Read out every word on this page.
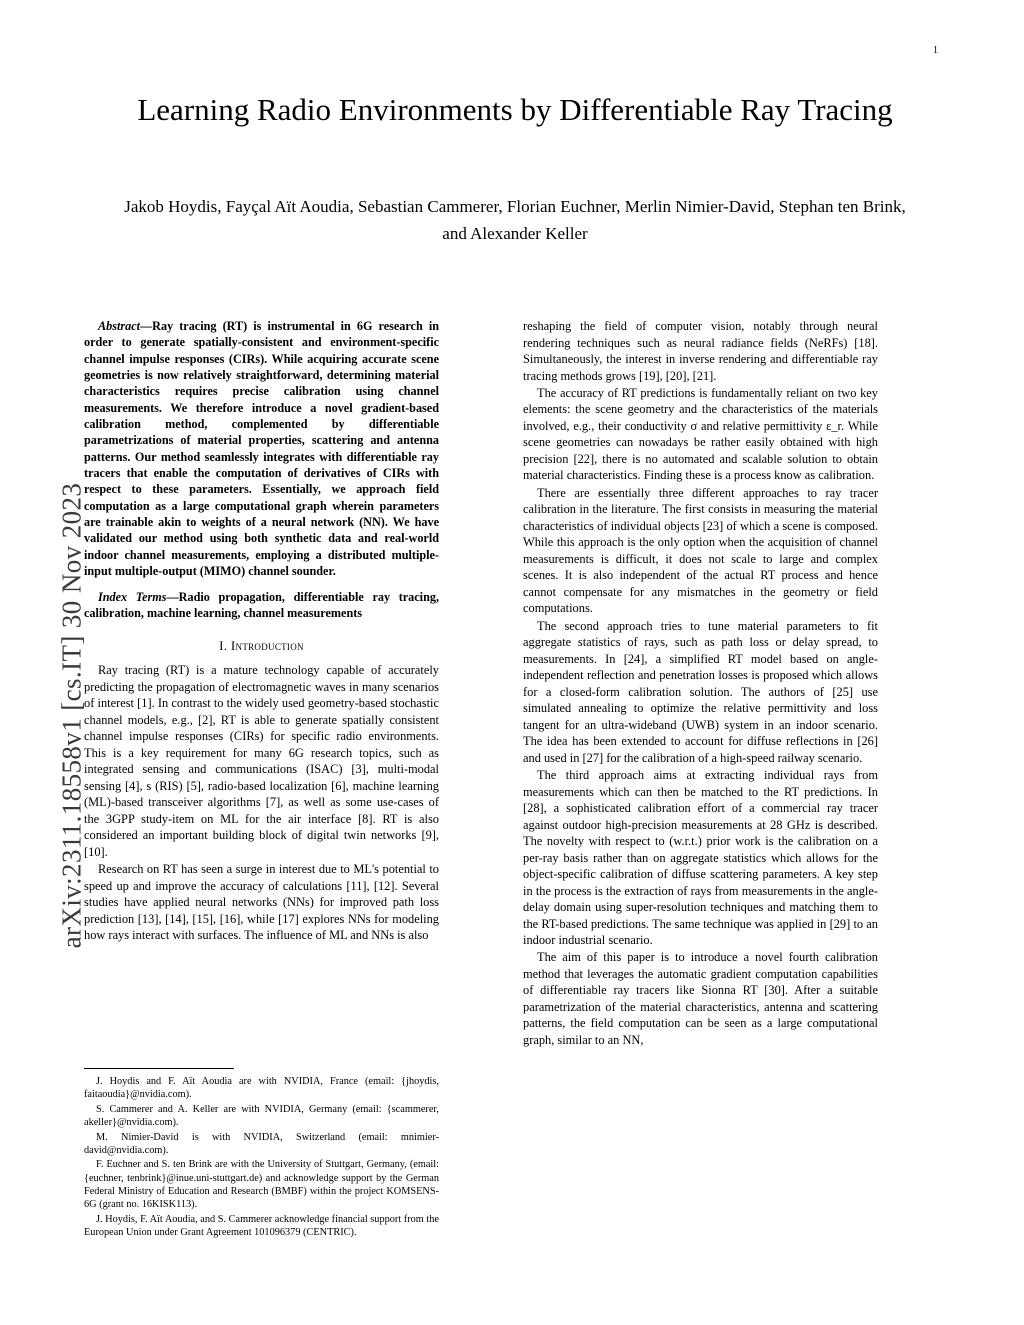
1
arXiv:2311.18558v1 [cs.IT] 30 Nov 2023
Learning Radio Environments by Differentiable Ray Tracing
Jakob Hoydis, Fayçal Aït Aoudia, Sebastian Cammerer, Florian Euchner, Merlin Nimier-David, Stephan ten Brink, and Alexander Keller
Abstract—Ray tracing (RT) is instrumental in 6G research in order to generate spatially-consistent and environment-specific channel impulse responses (CIRs). While acquiring accurate scene geometries is now relatively straightforward, determining material characteristics requires precise calibration using channel measurements. We therefore introduce a novel gradient-based calibration method, complemented by differentiable parametrizations of material properties, scattering and antenna patterns. Our method seamlessly integrates with differentiable ray tracers that enable the computation of derivatives of CIRs with respect to these parameters. Essentially, we approach field computation as a large computational graph wherein parameters are trainable akin to weights of a neural network (NN). We have validated our method using both synthetic data and real-world indoor channel measurements, employing a distributed multiple-input multiple-output (MIMO) channel sounder.
Index Terms—Radio propagation, differentiable ray tracing, calibration, machine learning, channel measurements
I. Introduction

Ray tracing (RT) is a mature technology capable of accurately predicting the propagation of electromagnetic waves in many scenarios of interest [1]. In contrast to the widely used geometry-based stochastic channel models, e.g., [2], RT is able to generate spatially consistent channel impulse responses (CIRs) for specific radio environments. This is a key requirement for many 6G research topics, such as integrated sensing and communications (ISAC) [3], multi-modal sensing [4], s (RIS) [5], radio-based localization [6], machine learning (ML)-based transceiver algorithms [7], as well as some use-cases of the 3GPP study-item on ML for the air interface [8]. RT is also considered an important building block of digital twin networks [9], [10].

Research on RT has seen a surge in interest due to ML's potential to speed up and improve the accuracy of calculations [11], [12]. Several studies have applied neural networks (NNs) for improved path loss prediction [13], [14], [15], [16], while [17] explores NNs for modeling how rays interact with surfaces. The influence of ML and NNs is also

J. Hoydis and F. Aït Aoudia are with NVIDIA, France (email: {jhoydis, faitaoudia}@nvidia.com).

S. Cammerer and A. Keller are with NVIDIA, Germany (email: {scammerer, akeller}@nvidia.com).

M. Nimier-David is with NVIDIA, Switzerland (email: mnimier-david@nvidia.com).

F. Euchner and S. ten Brink are with the University of Stuttgart, Germany, (email: {euchner, tenbrink}@inue.uni-stuttgart.de) and acknowledge support by the German Federal Ministry of Education and Research (BMBF) within the project KOMSENS-6G (grant no. 16KISK113).

J. Hoydis, F. Aït Aoudia, and S. Cammerer acknowledge financial support from the European Union under Grant Agreement 101096379 (CENTRIC).

reshaping the field of computer vision, notably through neural rendering techniques such as neural radiance fields (NeRFs) [18]. Simultaneously, the interest in inverse rendering and differentiable ray tracing methods grows [19], [20], [21].

The accuracy of RT predictions is fundamentally reliant on two key elements: the scene geometry and the characteristics of the materials involved, e.g., their conductivity σ and relative permittivity ε_r. While scene geometries can nowadays be rather easily obtained with high precision [22], there is no automated and scalable solution to obtain material characteristics. Finding these is a process know as calibration.

There are essentially three different approaches to ray tracer calibration in the literature. The first consists in measuring the material characteristics of individual objects [23] of which a scene is composed. While this approach is the only option when the acquisition of channel measurements is difficult, it does not scale to large and complex scenes. It is also independent of the actual RT process and hence cannot compensate for any mismatches in the geometry or field computations.

The second approach tries to tune material parameters to fit aggregate statistics of rays, such as path loss or delay spread, to measurements. In [24], a simplified RT model based on angle-independent reflection and penetration losses is proposed which allows for a closed-form calibration solution. The authors of [25] use simulated annealing to optimize the relative permittivity and loss tangent for an ultra-wideband (UWB) system in an indoor scenario. The idea has been extended to account for diffuse reflections in [26] and used in [27] for the calibration of a high-speed railway scenario.

The third approach aims at extracting individual rays from measurements which can then be matched to the RT predictions. In [28], a sophisticated calibration effort of a commercial ray tracer against outdoor high-precision measurements at 28 GHz is described. The novelty with respect to (w.r.t.) prior work is the calibration on a per-ray basis rather than on aggregate statistics which allows for the object-specific calibration of diffuse scattering parameters. A key step in the process is the extraction of rays from measurements in the angle-delay domain using super-resolution techniques and matching them to the RT-based predictions. The same technique was applied in [29] to an indoor industrial scenario.

The aim of this paper is to introduce a novel fourth calibration method that leverages the automatic gradient computation capabilities of differentiable ray tracers like Sionna RT [30]. After a suitable parametrization of the material characteristics, antenna and scattering patterns, the field computation can be seen as a large computational graph, similar to an NN,
